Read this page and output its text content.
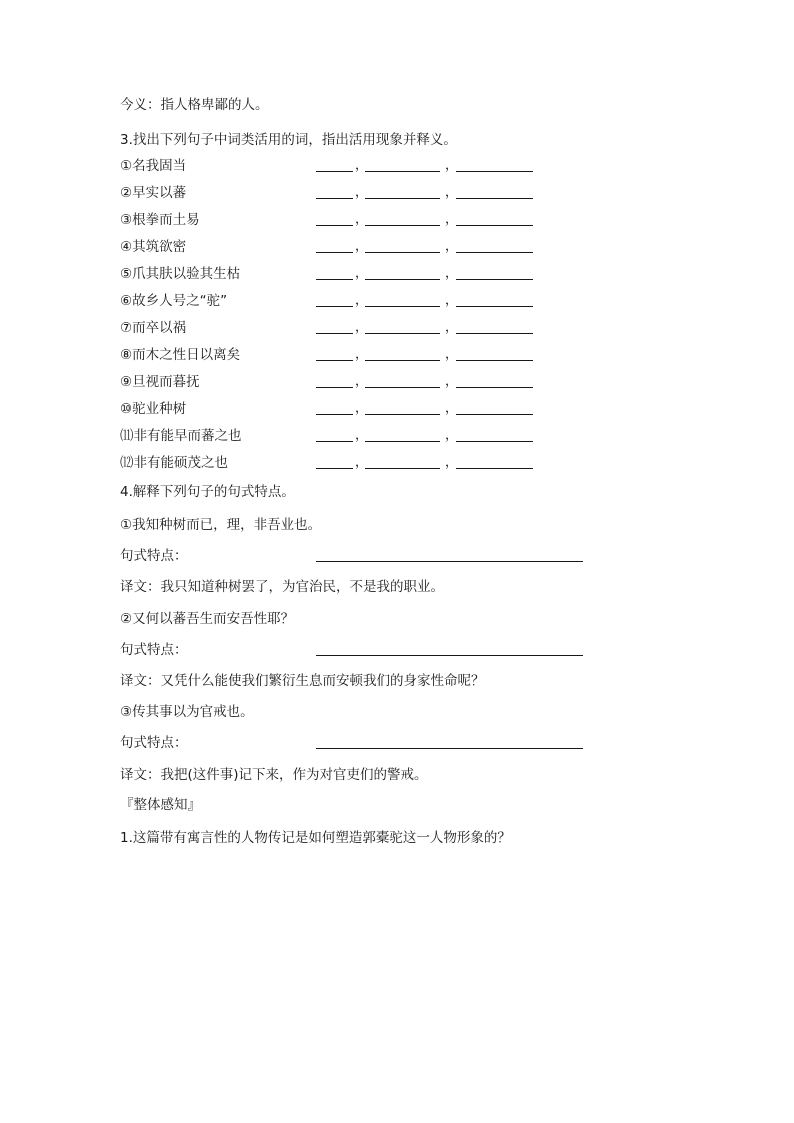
今义：指人格卑鄙的人。
3.找出下列句子中词类活用的词，指出活用现象并释义。
①名我固当	，	，
②早实以蕃	，	，
③根拳而土易	，	，
④其筑欲密	，	，
⑤爪其肤以验其生枯	，	，
⑥故乡人号之“驼”	，	，
⑦而卒以祸	，	，
⑧而木之性日以离矣	，	，
⑨旦视而暮抚	，	，
⑩驼业种树	，	，
⑾非有能早而蕃之也	，	，
⑿非有能硕茂之也	，	，
4.解释下列句子的句式特点。
①我知种树而已，理，非吾业也。
句式特点：
译文：我只知道种树罢了，为官治民，不是我的职业。
②又何以蕃吾生而安吾性耶？
句式特点：
译文：又凭什么能使我们繁衍生息而安顿我们的身家性命呢？
③传其事以为官戒也。
句式特点：
译文：我把(这件事)记下来，作为对官吏们的警戒。
『整体感知』
1.这篇带有寓言性的人物传记是如何塑造郭橐驼这一人物形象的？
